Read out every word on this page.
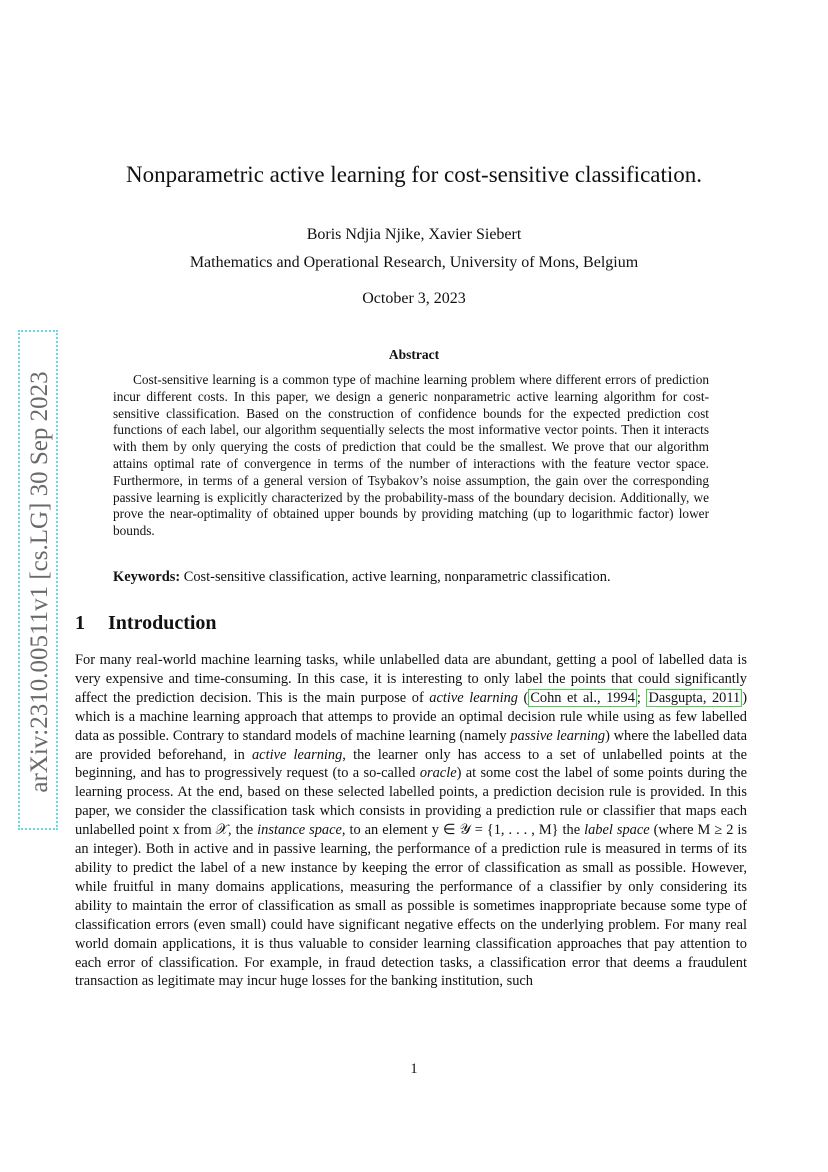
arXiv:2310.00511v1 [cs.LG] 30 Sep 2023
Nonparametric active learning for cost-sensitive classification.
Boris Ndjia Njike, Xavier Siebert
Mathematics and Operational Research, University of Mons, Belgium
October 3, 2023
Abstract

Cost-sensitive learning is a common type of machine learning problem where different errors of prediction incur different costs. In this paper, we design a generic nonparametric active learning algorithm for cost-sensitive classification. Based on the construction of confidence bounds for the expected prediction cost functions of each label, our algorithm sequentially selects the most informative vector points. Then it interacts with them by only querying the costs of prediction that could be the smallest. We prove that our algorithm attains optimal rate of convergence in terms of the number of interactions with the feature vector space. Furthermore, in terms of a general version of Tsybakov’s noise assumption, the gain over the corresponding passive learning is explicitly characterized by the probability-mass of the boundary decision. Additionally, we prove the near-optimality of obtained upper bounds by providing matching (up to logarithmic factor) lower bounds.

Keywords: Cost-sensitive classification, active learning, nonparametric classification.
1 Introduction

For many real-world machine learning tasks, while unlabelled data are abundant, getting a pool of labelled data is very expensive and time-consuming. In this case, it is interesting to only label the points that could significantly affect the prediction decision. This is the main purpose of active learning ( Cohn et al., 1994 ; Dasgupta, 2011 ) which is a machine learning approach that attemps to provide an optimal decision rule while using as few labelled data as possible. Contrary to standard models of machine learning (namely passive learning) where the labelled data are provided beforehand, in active learning, the learner only has access to a set of unlabelled points at the beginning, and has to progressively request (to a so-called oracle) at some cost the label of some points during the learning process. At the end, based on these selected labelled points, a prediction decision rule is provided. In this paper, we consider the classification task which consists in providing a prediction rule or classifier that maps each unlabelled point x from 𝒳, the instance space, to an element y ∈ 𝒴 = {1, . . . , M} the label space (where M ≥ 2 is an integer). Both in active and in passive learning, the performance of a prediction rule is measured in terms of its ability to predict the label of a new instance by keeping the error of classification as small as possible. However, while fruitful in many domains applications, measuring the performance of a classifier by only considering its ability to maintain the error of classification as small as possible is sometimes inappropriate because some type of classification errors (even small) could have significant negative effects on the underlying problem. For many real world domain applications, it is thus valuable to consider learning classification approaches that pay attention to each error of classification. For example, in fraud detection tasks, a classification error that deems a fraudulent transaction as legitimate may incur huge losses for the banking institution, such

1
